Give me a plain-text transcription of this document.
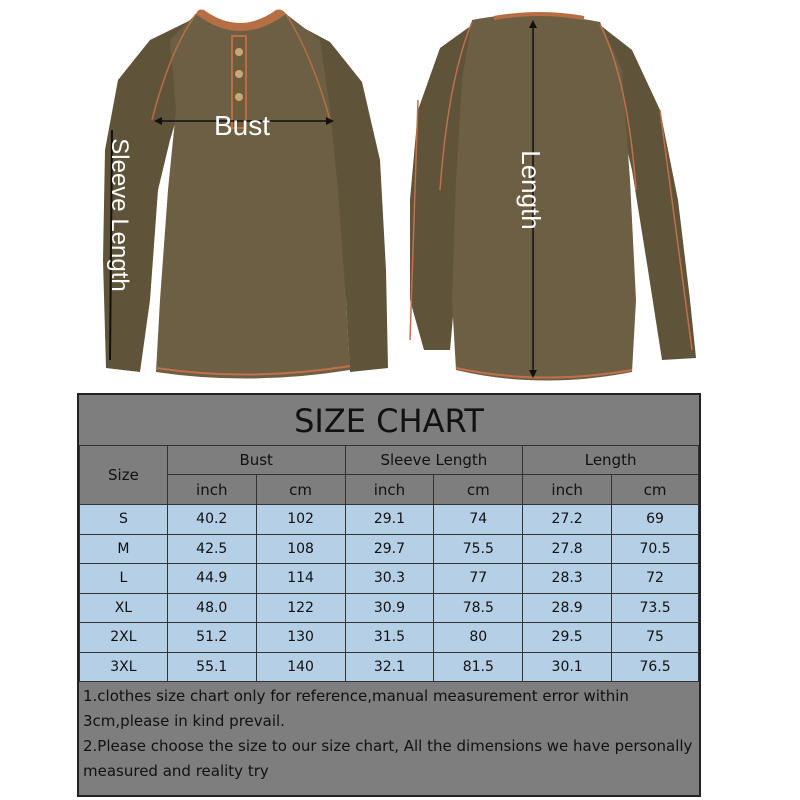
Bust
Sleeve Length	Length
SIZE CHART
Size	Bust		Sleeve Length		Length	
	inch	cm	inch	cm	inch	cm
S	40.2	102	29.1	74	27.2	69
M	42.5	108	29.7	75.5	27.8	70.5
L	44.9	114	30.3	77	28.3	72
XL	48.0	122	30.9	78.5	28.9	73.5
2XL	51.2	130	31.5	80	29.5	75
3XL	55.1	140	32.1	81.5	30.1	76.5

1.clothes size chart only for reference,manual measurement error within 3cm,please in kind prevail.

2.Please choose the size to our size chart, All the dimensions we have personally measured and reality try
